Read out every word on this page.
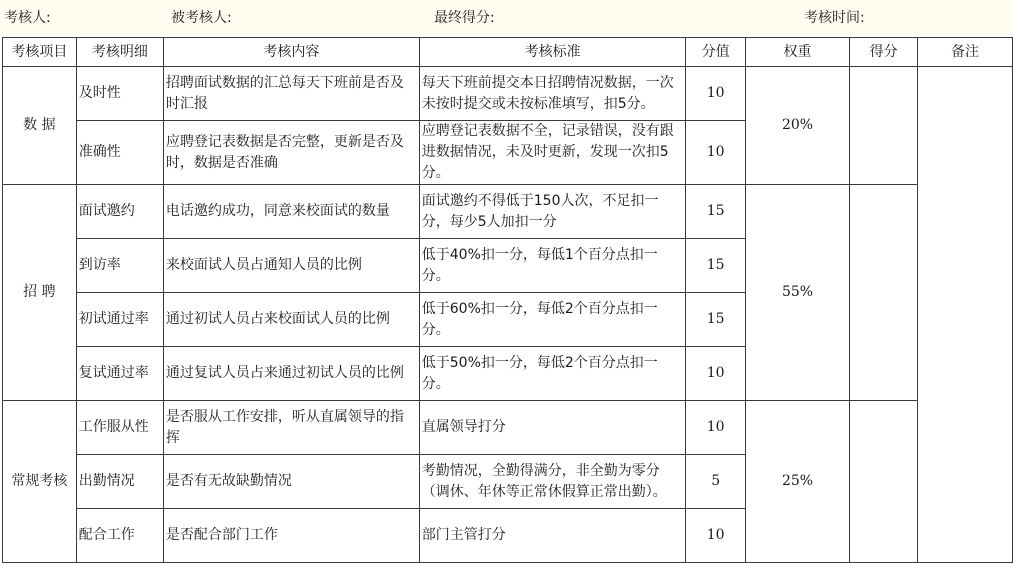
考核人:	被考核人:	最终得分:	考核时间:
考核项目	考核明细	考核内容	考核标准	分值	权重	得分	备注
数 据	及时性	招聘面试数据的汇总每天下班前是否及时汇报	每天下班前提交本日招聘情况数据，一次未按时提交或未按标准填写，扣5分。	10	20%		
	准确性	应聘登记表数据是否完整，更新是否及时，数据是否准确	应聘登记表数据不全，记录错误，没有跟进数据情况，未及时更新，发现一次扣5分。	10			
招 聘	面试邀约	电话邀约成功，同意来校面试的数量	面试邀约不得低于150人次，不足扣一分，每少5人加扣一分	15	55%		
	到访率	来校面试人员占通知人员的比例	低于40%扣一分，每低1个百分点扣一分。	15			
	初试通过率	通过初试人员占来校面试人员的比例	低于60%扣一分，每低2个百分点扣一分。	15			
	复试通过率	通过复试人员占来通过初试人员的比例	低于50%扣一分，每低2个百分点扣一分。	10			
常规考核	工作服从性	是否服从工作安排，听从直属领导的指挥	直属领导打分	10	25%		
	出勤情况	是否有无故缺勤情况	考勤情况，全勤得满分，非全勤为零分（调休、年休等正常休假算正常出勤）。	5			
	配合工作	是否配合部门工作	部门主管打分	10			
